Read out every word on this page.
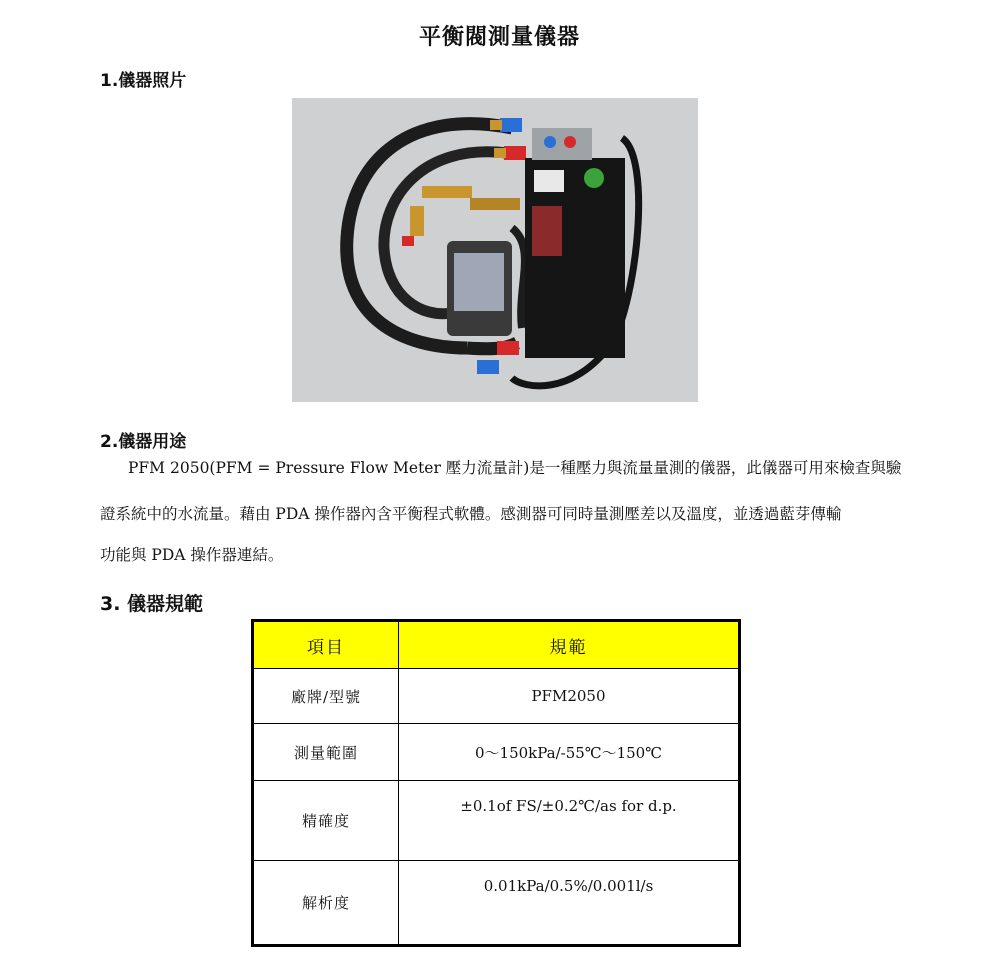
平衡閥測量儀器
1.儀器照片
2.儀器用途
PFM 2050(PFM = Pressure Flow Meter 壓力流量計)是一種壓力與流量量測的儀器，此儀器可用來檢查與驗
證系統中的水流量。藉由 PDA 操作器內含平衡程式軟體。感測器可同時量測壓差以及溫度，並透過藍芽傳輸
功能與 PDA 操作器連結。
3. 儀器規範
項目	規範
廠牌/型號	PFM2050
測量範圍	0～150kPa/-55℃～150℃
精確度	±0.1of FS/±0.2℃/as for d.p.
解析度	0.01kPa/0.5%/0.001l/s
